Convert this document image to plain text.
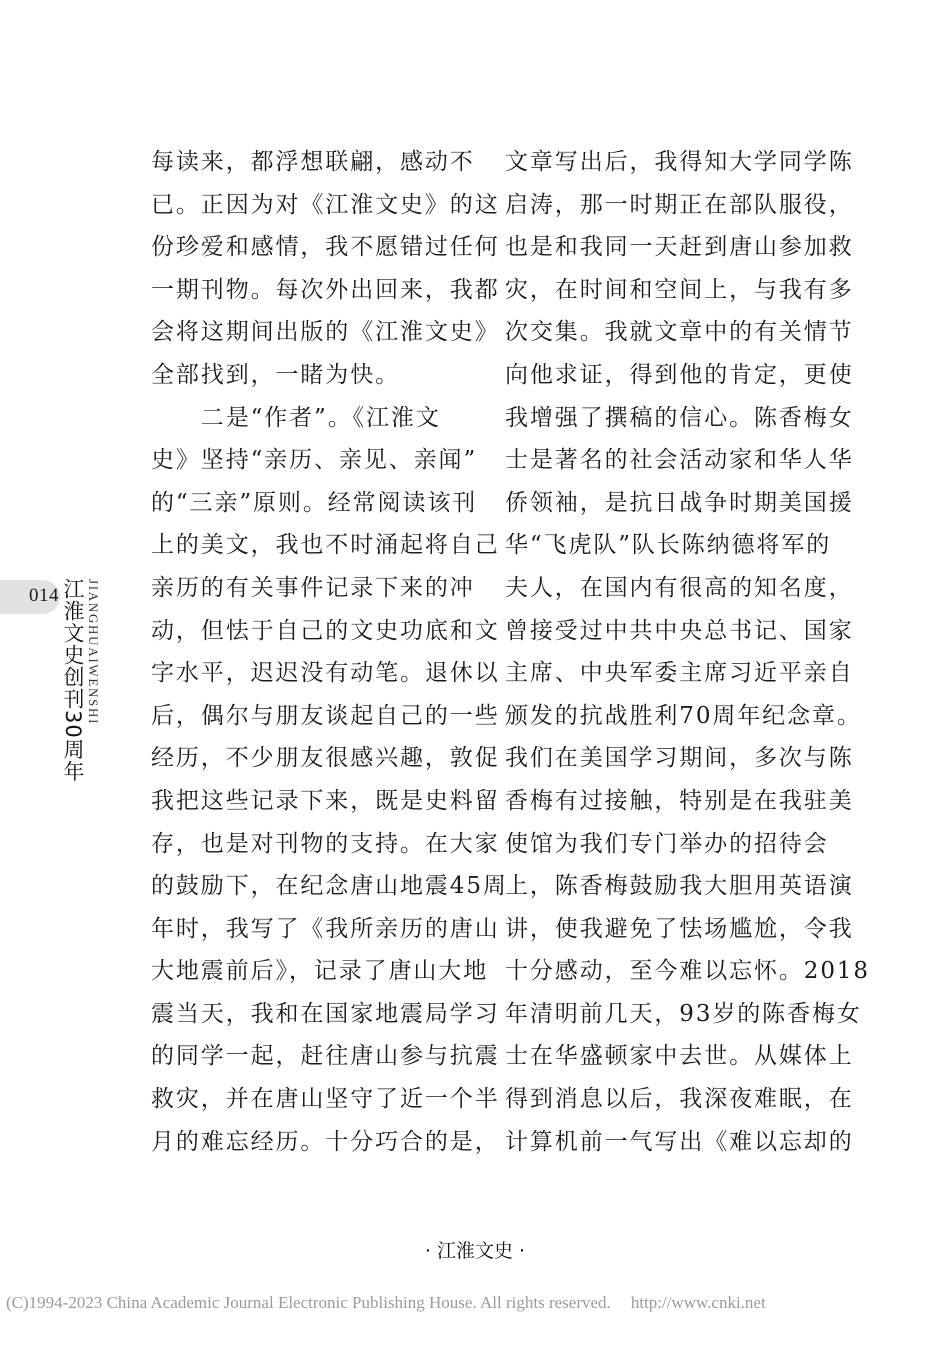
每读来，都浮想联翩，感动不
已。正因为对《江淮文史》的这
份珍爱和感情，我不愿错过任何
一期刊物。每次外出回来，我都
会将这期间出版的《江淮文史》
全部找到，一睹为快。
　　二是“作者”。《江淮文
史》坚持“亲历、亲见、亲闻”
的“三亲”原则。经常阅读该刊
上的美文，我也不时涌起将自己
亲历的有关事件记录下来的冲
动，但怯于自己的文史功底和文
字水平，迟迟没有动笔。退休以
后，偶尔与朋友谈起自己的一些
经历，不少朋友很感兴趣，敦促
我把这些记录下来，既是史料留
存，也是对刊物的支持。在大家
的鼓励下，在纪念唐山地震45周
年时，我写了《我所亲历的唐山
大地震前后》，记录了唐山大地
震当天，我和在国家地震局学习
的同学一起，赶往唐山参与抗震
救灾，并在唐山坚守了近一个半
月的难忘经历。十分巧合的是，
文章写出后，我得知大学同学陈
启涛，那一时期正在部队服役，
也是和我同一天赶到唐山参加救
灾，在时间和空间上，与我有多
次交集。我就文章中的有关情节
向他求证，得到他的肯定，更使
我增强了撰稿的信心。陈香梅女
士是著名的社会活动家和华人华
侨领袖，是抗日战争时期美国援
华“飞虎队”队长陈纳德将军的
夫人，在国内有很高的知名度，
曾接受过中共中央总书记、国家
主席、中央军委主席习近平亲自
颁发的抗战胜利70周年纪念章。
我们在美国学习期间，多次与陈
香梅有过接触，特别是在我驻美
使馆为我们专门举办的招待会
上，陈香梅鼓励我大胆用英语演
讲，使我避免了怯场尴尬，令我
十分感动，至今难以忘怀。2018
年清明前几天，93岁的陈香梅女
士在华盛顿家中去世。从媒体上
得到消息以后，我深夜难眠，在
计算机前一气写出《难以忘却的
014 江淮文史创刊30周年 JIANGHUAIWENSHI
· 江淮文史 ·
(C)1994-2023 China Academic Journal Electronic Publishing House. All rights reserved. http://www.cnki.net
